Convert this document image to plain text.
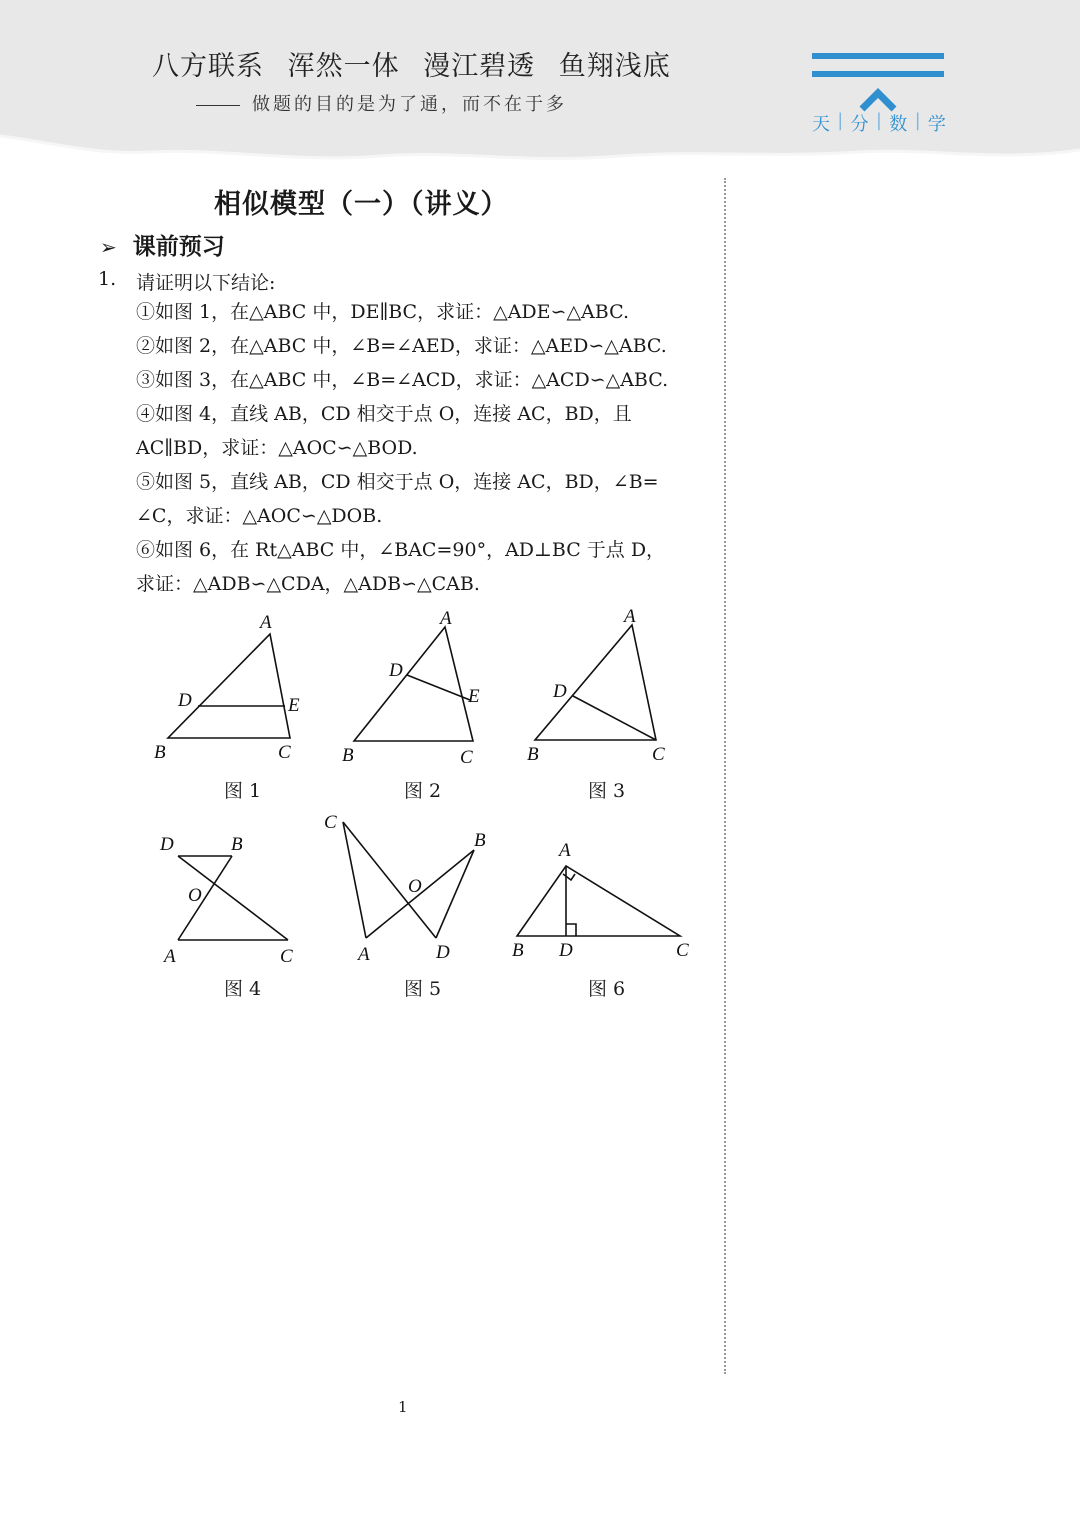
八方联系 浑然一体 漫江碧透 鱼翔浅底
做题的目的是为了通，而不在于多
天 | 分 | 数 | 学
相似模型（一）（讲义）
➢ 课前预习
1. 请证明以下结论:
①如图 1，在△ABC 中，DE∥BC，求证：△ADE∽△ABC.
②如图 2，在△ABC 中，∠B=∠AED，求证：△AED∽△ABC.
③如图 3，在△ABC 中，∠B=∠ACD，求证：△ACD∽△ABC.
④如图 4，直线 AB，CD 相交于点 O，连接 AC，BD，且
AC∥BD，求证：△AOC∽△BOD.
⑤如图 5，直线 AB，CD 相交于点 O，连接 AC，BD，∠B=
∠C，求证：△AOC∽△DOB.
⑥如图 6，在 Rt△ABC 中，∠BAC=90°，AD⊥BC 于点 D，
求证：△ADB∽△CDA，△ADB∽△CAB.
A
D	E
B	C
A
D
E
B	C
A
D
B	C
D	B
O
A	C
C
B
O
A	D
A
B D	C
图 1	图 2	图 3
图 4	图 5	图 6
1
